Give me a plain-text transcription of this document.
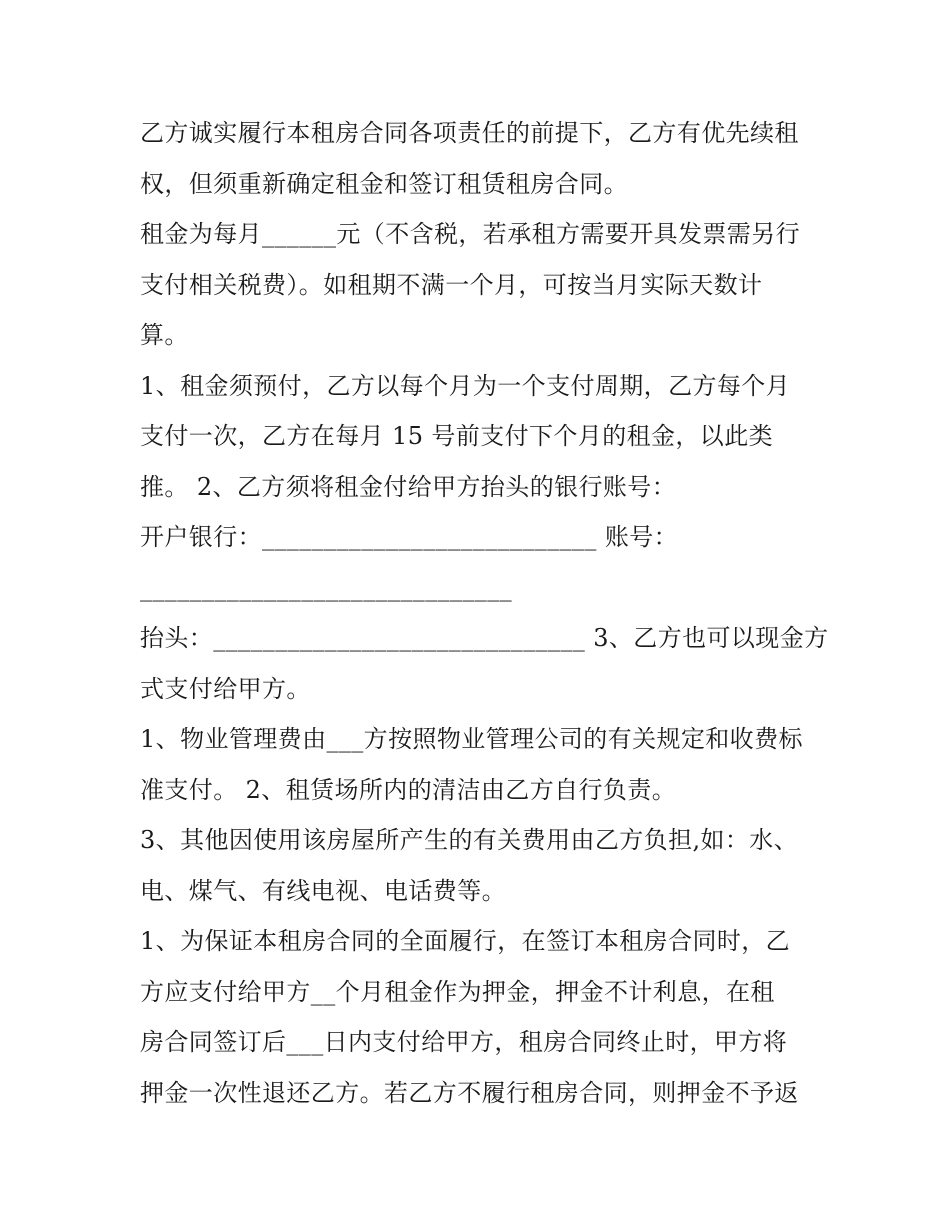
乙方诚实履行本租房合同各项责任的前提下，乙方有优先续租
权，但须重新确定租金和签订租赁租房合同。
租金为每月______元（不含税，若承租方需要开具发票需另行
支付相关税费）。如租期不满一个月，可按当月实际天数计
算。
1、租金须预付，乙方以每个月为一个支付周期，乙方每个月
支付一次，乙方在每月 15 号前支付下个月的租金，以此类
推。 2、乙方须将租金付给甲方抬头的银行账号：
开户银行：___________________________ 账号：
______________________________
抬头：______________________________ 3、乙方也可以现金方
式支付给甲方。
1、物业管理费由___方按照物业管理公司的有关规定和收费标
准支付。 2、租赁场所内的清洁由乙方自行负责。
3、其他因使用该房屋所产生的有关费用由乙方负担,如：水、
电、煤气、有线电视、电话费等。
1、为保证本租房合同的全面履行，在签订本租房合同时，乙
方应支付给甲方__个月租金作为押金，押金不计利息，在租
房合同签订后___日内支付给甲方，租房合同终止时，甲方将
押金一次性退还乙方。若乙方不履行租房合同，则押金不予返
